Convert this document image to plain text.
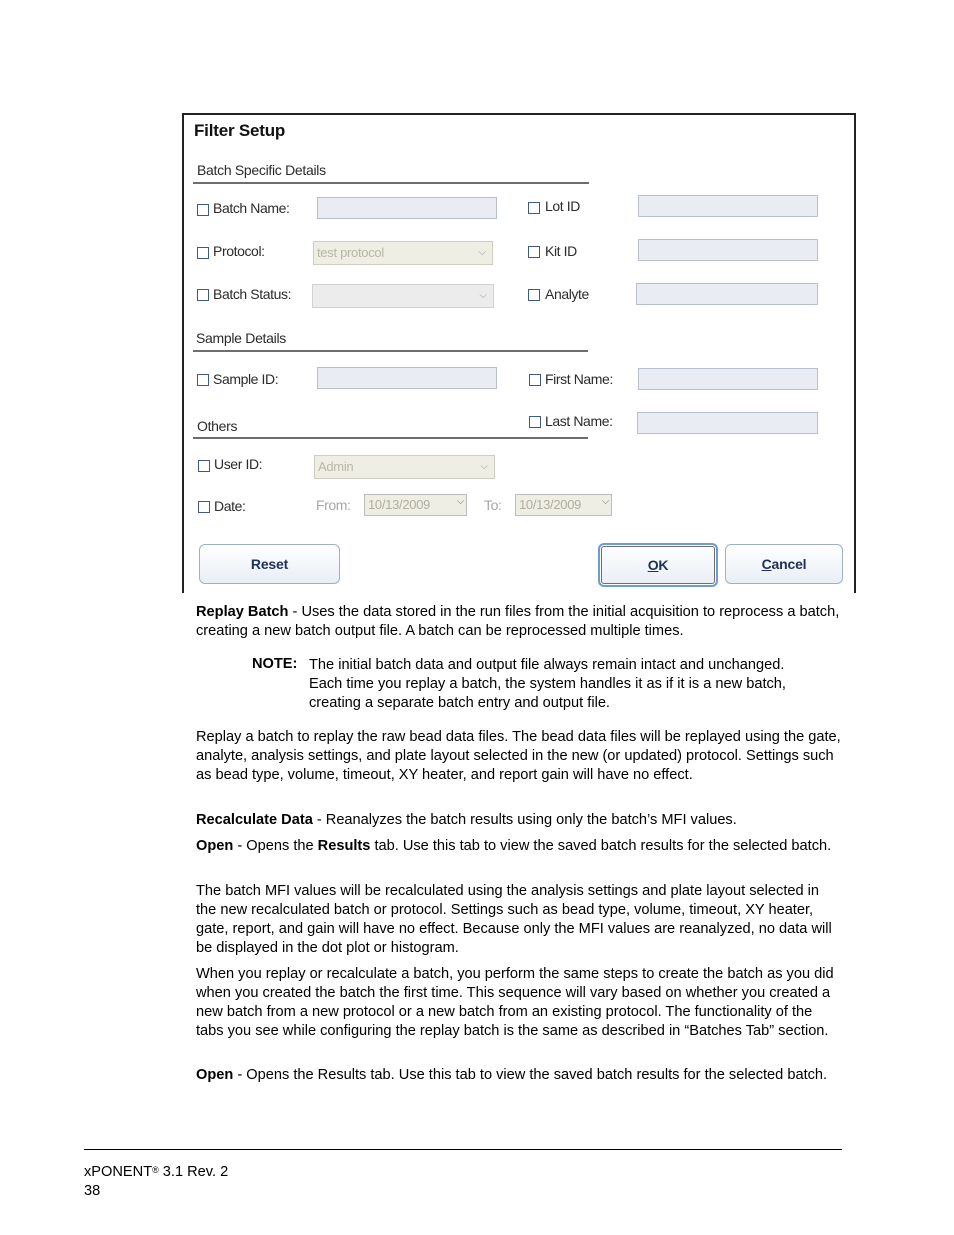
Filter Setup
Batch Specific Details
Batch Name:	Lot ID
Protocol:	test protocol	⌵	Kit ID
Batch Status:	⌵	Analyte
Sample Details
Sample ID:	First Name:
Others	Last Name:
User ID:	Admin	⌵
Date:	From:	10/13/2009	⌵ To:	10/13/2009 ⌵
Reset	OK	Cancel
Replay Batch - Uses the data stored in the run files from the initial acquisition to reprocess a batch, creating a new batch output file. A batch can be reprocessed multiple times.
NOTE: The initial batch data and output file always remain intact and unchanged. Each time you replay a batch, the system handles it as if it is a new batch, creating a separate batch entry and output file.
Replay a batch to replay the raw bead data files. The bead data files will be replayed using the gate, analyte, analysis settings, and plate layout selected in the new (or updated) protocol. Settings such as bead type, volume, timeout, XY heater, and report gain will have no effect.
Recalculate Data - Reanalyzes the batch results using only the batch’s MFI values.
Open - Opens the Results tab. Use this tab to view the saved batch results for the selected batch.
The batch MFI values will be recalculated using the analysis settings and plate layout selected in the new recalculated batch or protocol. Settings such as bead type, volume, timeout, XY heater, gate, report, and gain will have no effect. Because only the MFI values are reanalyzed, no data will be displayed in the dot plot or histogram.
When you replay or recalculate a batch, you perform the same steps to create the batch as you did when you created the batch the first time. This sequence will vary based on whether you created a new batch from a new protocol or a new batch from an existing protocol. The functionality of the tabs you see while configuring the replay batch is the same as described in “Batches Tab” section.
Open - Opens the Results tab. Use this tab to view the saved batch results for the selected batch.
xPONENT® 3.1 Rev. 2
38
